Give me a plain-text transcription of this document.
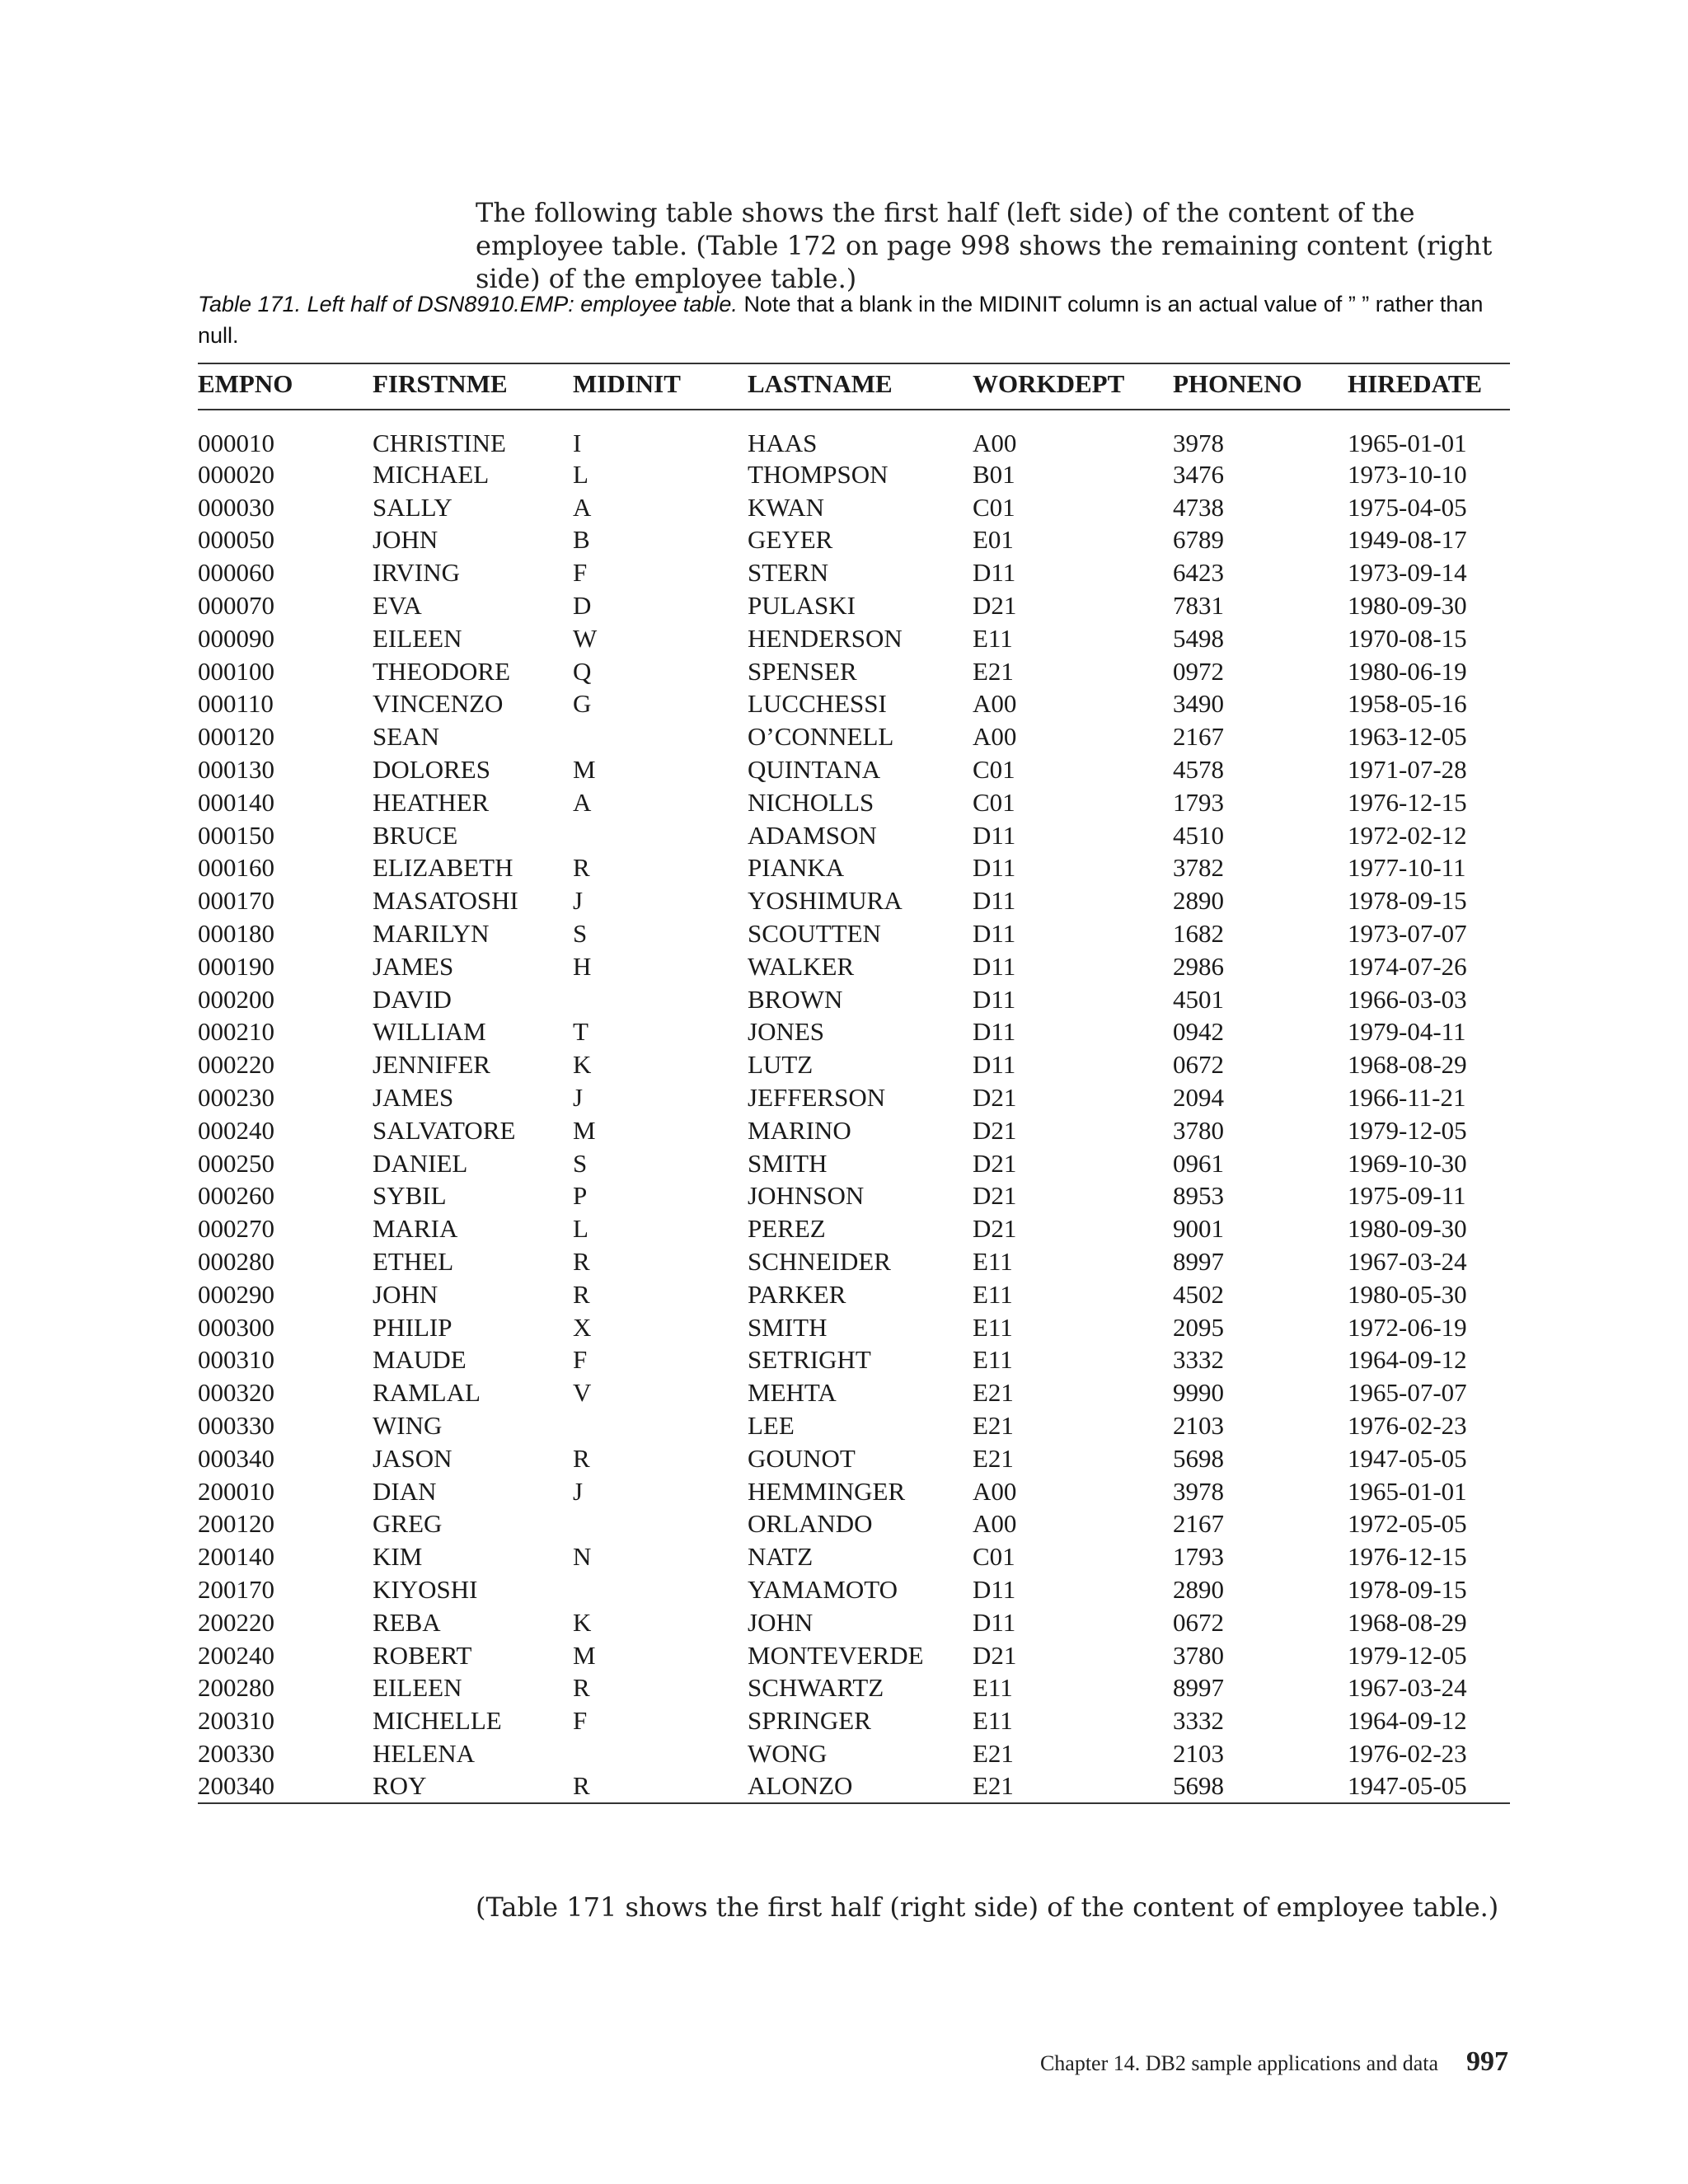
The following table shows the first half (left side) of the content of the employee table. (Table 172 on page 998 shows the remaining content (right side) of the employee table.)

Table 171. Left half of DSN8910.EMP: employee table. Note that a blank in the MIDINIT column is an actual value of ” ” rather than null.
EMPNO	FIRSTNME	MIDINIT	LASTNAME	WORKDEPT	PHONENO	HIREDATE
000010	CHRISTINE	I	HAAS	A00	3978	1965-01-01
000020	MICHAEL	L	THOMPSON	B01	3476	1973-10-10
000030	SALLY	A	KWAN	C01	4738	1975-04-05
000050	JOHN	B	GEYER	E01	6789	1949-08-17
000060	IRVING	F	STERN	D11	6423	1973-09-14
000070	EVA	D	PULASKI	D21	7831	1980-09-30
000090	EILEEN	W	HENDERSON	E11	5498	1970-08-15
000100	THEODORE	Q	SPENSER	E21	0972	1980-06-19
000110	VINCENZO	G	LUCCHESSI	A00	3490	1958-05-16
000120	SEAN		O’CONNELL	A00	2167	1963-12-05
000130	DOLORES	M	QUINTANA	C01	4578	1971-07-28
000140	HEATHER	A	NICHOLLS	C01	1793	1976-12-15
000150	BRUCE		ADAMSON	D11	4510	1972-02-12
000160	ELIZABETH	R	PIANKA	D11	3782	1977-10-11
000170	MASATOSHI	J	YOSHIMURA	D11	2890	1978-09-15
000180	MARILYN	S	SCOUTTEN	D11	1682	1973-07-07
000190	JAMES	H	WALKER	D11	2986	1974-07-26
000200	DAVID		BROWN	D11	4501	1966-03-03
000210	WILLIAM	T	JONES	D11	0942	1979-04-11
000220	JENNIFER	K	LUTZ	D11	0672	1968-08-29
000230	JAMES	J	JEFFERSON	D21	2094	1966-11-21
000240	SALVATORE	M	MARINO	D21	3780	1979-12-05
000250	DANIEL	S	SMITH	D21	0961	1969-10-30
000260	SYBIL	P	JOHNSON	D21	8953	1975-09-11
000270	MARIA	L	PEREZ	D21	9001	1980-09-30
000280	ETHEL	R	SCHNEIDER	E11	8997	1967-03-24
000290	JOHN	R	PARKER	E11	4502	1980-05-30
000300	PHILIP	X	SMITH	E11	2095	1972-06-19
000310	MAUDE	F	SETRIGHT	E11	3332	1964-09-12
000320	RAMLAL	V	MEHTA	E21	9990	1965-07-07
000330	WING		LEE	E21	2103	1976-02-23
000340	JASON	R	GOUNOT	E21	5698	1947-05-05
200010	DIAN	J	HEMMINGER	A00	3978	1965-01-01
200120	GREG		ORLANDO	A00	2167	1972-05-05
200140	KIM	N	NATZ	C01	1793	1976-12-15
200170	KIYOSHI		YAMAMOTO	D11	2890	1978-09-15
200220	REBA	K	JOHN	D11	0672	1968-08-29
200240	ROBERT	M	MONTEVERDE	D21	3780	1979-12-05
200280	EILEEN	R	SCHWARTZ	E11	8997	1967-03-24
200310	MICHELLE	F	SPRINGER	E11	3332	1964-09-12
200330	HELENA		WONG	E21	2103	1976-02-23
200340	ROY	R	ALONZO	E21	5698	1947-05-05

(Table 171 shows the first half (right side) of the content of employee table.)

Chapter 14. DB2 sample applications and data 997
